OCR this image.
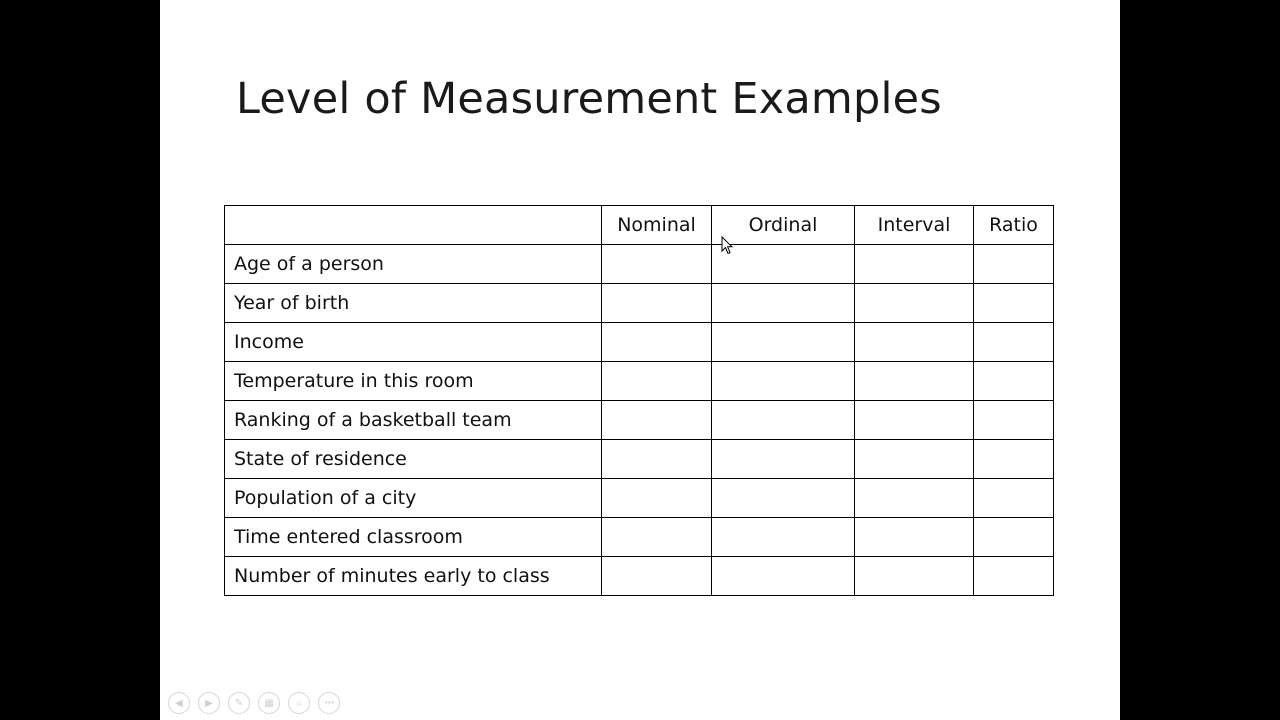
Level of Measurement Examples
	Nominal	Ordinal	Interval	Ratio
Age of a person				
Year of birth				
Income				
Temperature in this room				
Ranking of a basketball team				
State of residence				
Population of a city				
Time entered classroom				
Number of minutes early to class				
◀ ▶ ✎ ▦ ⌕	•••
